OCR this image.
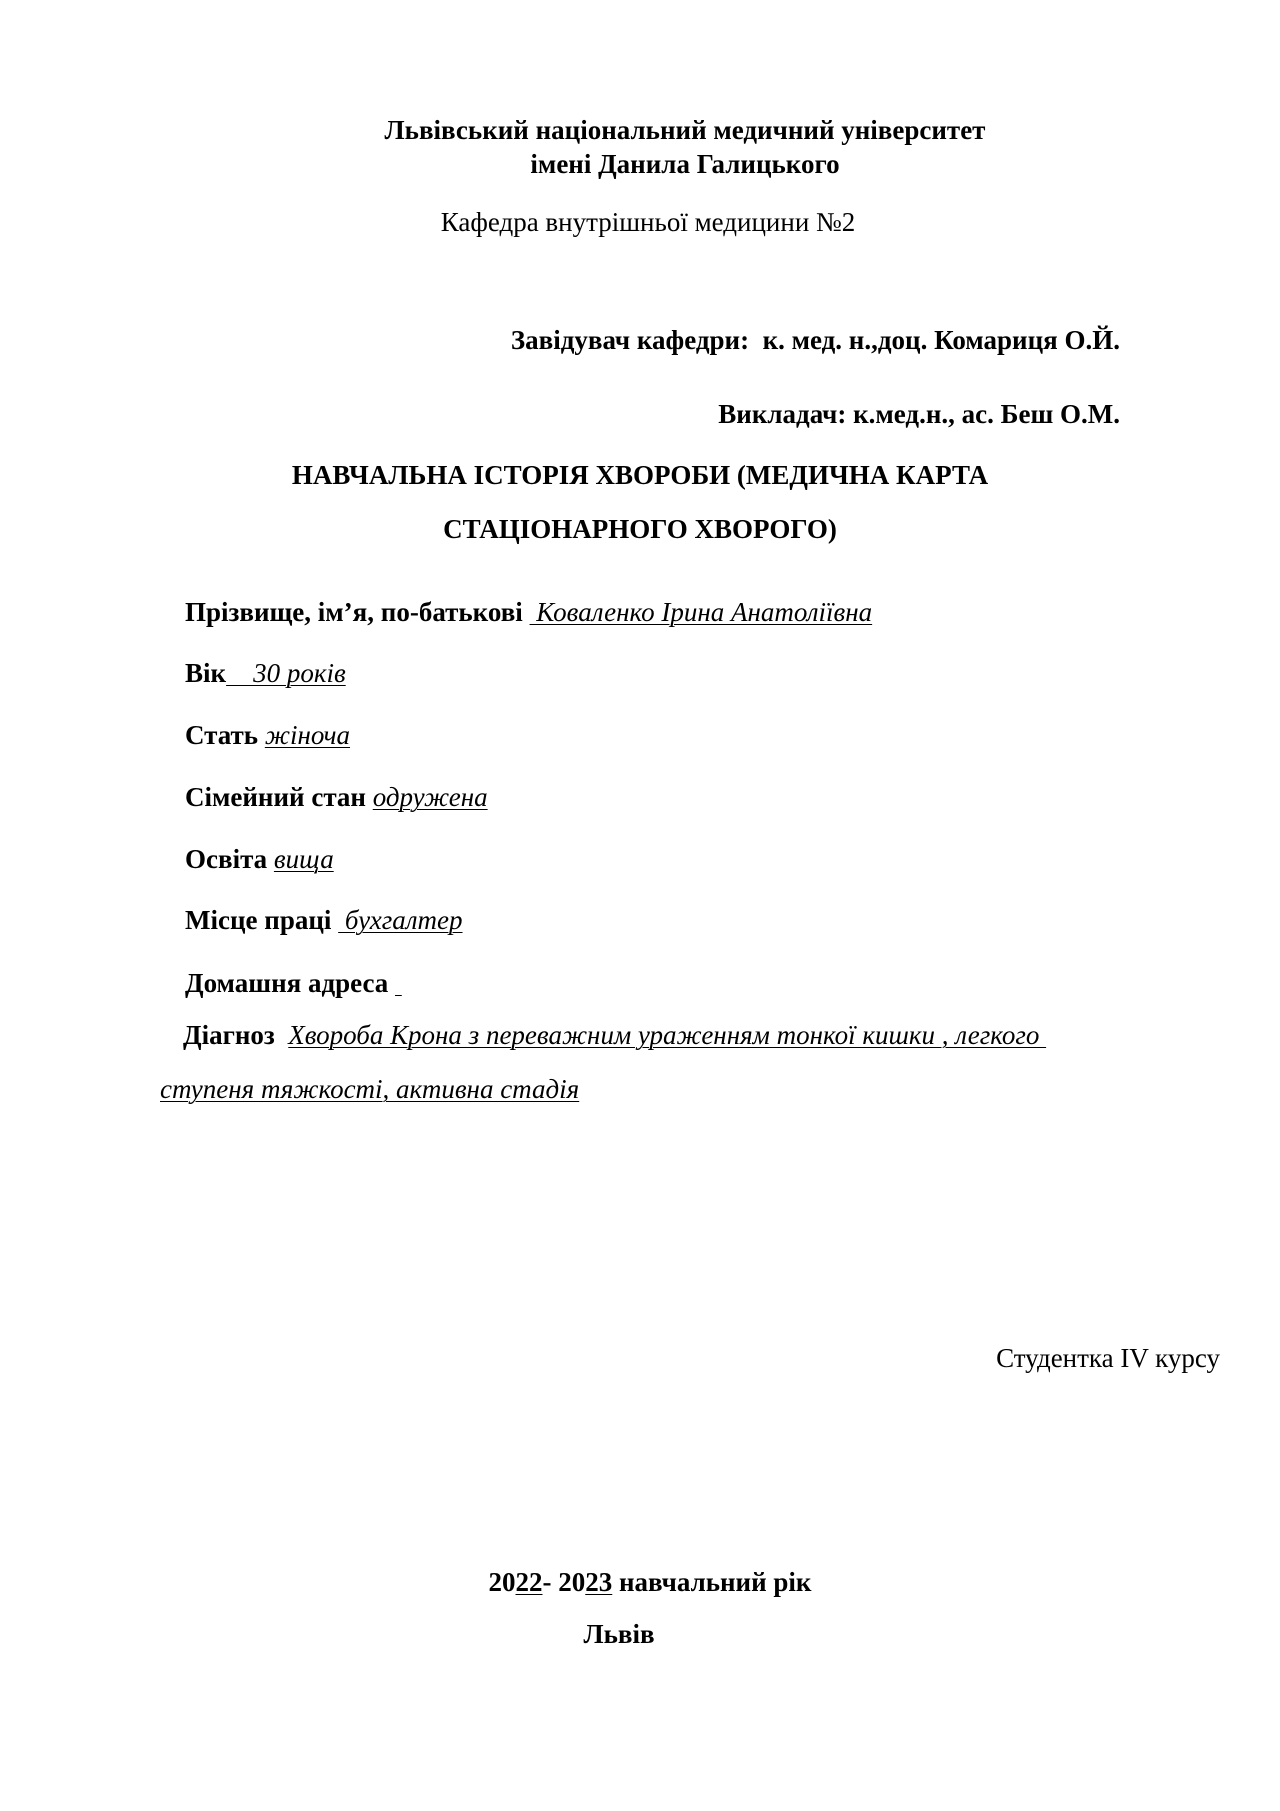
Львівський національний медичний університет
імені Данила Галицького
Кафедра внутрішньої медицини №2
Завідувач кафедри: к. мед. н.,доц. Комариця О.Й.
Викладач: к.мед.н., ас. Беш О.М.
НАВЧАЛЬНА ІСТОРІЯ ХВОРОБИ (МЕДИЧНА КАРТА
СТАЦІОНАРНОГО ХВОРОГО)
Прізвище, ім’я, по-батькові  Коваленко Ірина Анатоліївна
Вік    30 років
Стать жіноча
Сімейний стан одружена
Освіта вища
Місце праці  бухгалтер
Домашня адреса
Діагноз Хвороба Крона з переважним ураженням тонкої кишки , легкого
ступеня тяжкості, активна стадія
Студентка IV курсу
2022- 2023 навчальний рік
Львів
